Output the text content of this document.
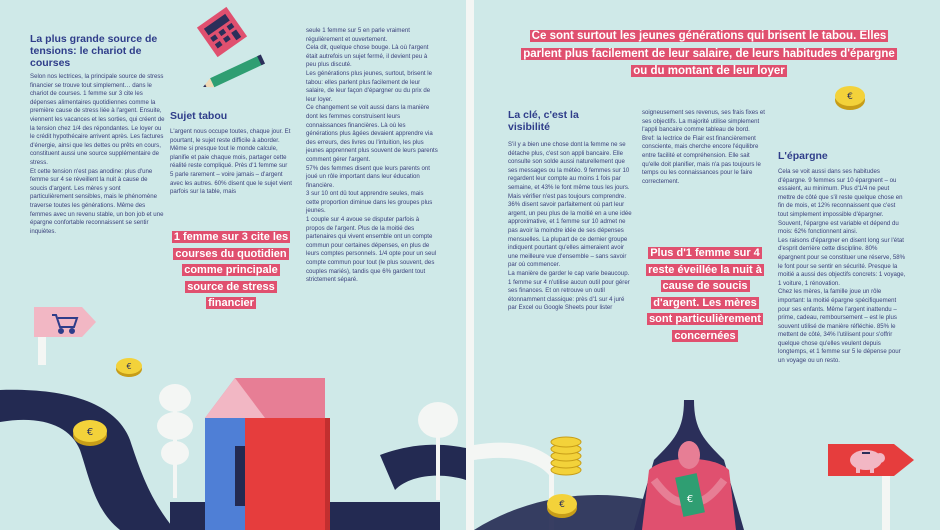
La plus grande source de tensions: le chariot de courses
Selon nos lectrices, la principale source de stress financier se trouve tout simplement… dans le chariot de courses. 1 femme sur 3 cite les dépenses alimentaires quotidiennes comme la première cause de stress liée à l'argent. Ensuite, viennent les vacances et les sorties, qui créent de la tension chez 1/4 des répondantes. Le loyer ou le crédit hypothécaire arrivent après. Les factures d'énergie, ainsi que les dettes ou prêts en cours, constituent aussi une source supplémentaire de stress.
Et cette tension n'est pas anodine: plus d'une femme sur 4 se réveillent la nuit à cause de soucis d'argent. Les mères y sont particulièrement sensibles, mais le phénomène traverse toutes les générations. Même des femmes avec un revenu stable, un bon job et une épargne confortable reconnaissent se sentir inquiètes.
Sujet tabou
L'argent nous occupe toutes, chaque jour. Et pourtant, le sujet reste difficile à aborder. Même si presque tout le monde calcule, planifie et paie chaque mois, partager cette réalité reste compliqué. Près d'1 femme sur 5 parle rarement – voire jamais – d'argent avec les autres. 60% disent que le sujet vient parfois sur la table, mais
1 femme sur 3 cite les courses du quotidien comme principale source de stress financier
seule 1 femme sur 5 en parle vraiment régulièrement et ouvertement.
Cela dit, quelque chose bouge. Là où l'argent était autrefois un sujet fermé, il devient peu à peu plus discuté.
Les générations plus jeunes, surtout, brisent le tabou: elles parlent plus facilement de leur salaire, de leur façon d'épargner ou du prix de leur loyer.
Ce changement se voit aussi dans la manière dont les femmes construisent leurs connaissances financières. Là où les générations plus âgées devaient apprendre via des erreurs, des livres ou l'intuition, les plus jeunes apprennent plus souvent de leurs parents comment gérer l'argent.
57% des femmes disent que leurs parents ont joué un rôle important dans leur éducation financière.
3 sur 10 ont dû tout apprendre seules, mais cette proportion diminue dans les groupes plus jeunes.
1 couple sur 4 avoue se disputer parfois à propos de l'argent. Plus de la moitié des partenaires qui vivent ensemble ont un compte commun pour certaines dépenses, en plus de leurs comptes personnels. 1/4 opte pour un seul compte commun pour tout (le plus souvent, des couples mariés), tandis que 6% gardent tout strictement séparé.
€
€
Ce sont surtout les jeunes générations qui brisent le tabou. Elles parlent plus facilement de leur salaire, de leurs habitudes d'épargne ou du montant de leur loyer
€
La clé, c'est la visibilité
S'il y a bien une chose dont la femme ne se détache plus, c'est son appli bancaire. Elle consulte son solde aussi naturellement que ses messages ou la météo. 9 femmes sur 10 regardent leur compte au moins 1 fois par semaine, et 43% le font même tous les jours.
Mais vérifier n'est pas toujours comprendre. 36% disent savoir parfaitement où part leur argent, un peu plus de la moitié en a une idée approximative, et 1 femme sur 10 admet ne pas avoir la moindre idée de ses dépenses mensuelles. La plupart de ce dernier groupe indiquent pourtant qu'elles aimeraient avoir une meilleure vue d'ensemble – sans savoir par où commencer.
La manière de garder le cap varie beaucoup. 1 femme sur 4 n'utilise aucun outil pour gérer ses finances. Et on retrouve un outil étonnamment classique: près d'1 sur 4 juré par Excel ou Google Sheets pour lister
soigneusement ses revenus, ses frais fixes et ses objectifs. La majorité utilise simplement l'appli bancaire comme tableau de bord.
Bref: la lectrice de Flair est financièrement consciente, mais cherche encore l'équilibre entre facilité et compréhension. Elle sait qu'elle doit planifier, mais n'a pas toujours le temps ou les connaissances pour le faire correctement.
Plus d'1 femme sur 4 reste éveillée la nuit à cause de soucis d'argent. Les mères sont particulièrement concernées
L'épargne
Cela se voit aussi dans ses habitudes d'épargne. 9 femmes sur 10 épargnent – ou essaient, au minimum. Plus d'1/4 ne peut mettre de côté que s'il reste quelque chose en fin de mois, et 12% reconnaissent que c'est tout simplement impossible d'épargner. Souvent, l'épargne est variable et dépend du mois: 62% fonctionnent ainsi.
Les raisons d'épargner en disent long sur l'état d'esprit derrière cette discipline. 80% épargnent pour se constituer une réserve, 58% le font pour se sentir en sécurité. Presque la moitié a aussi des objectifs concrets: 1 voyage, 1 voiture, 1 rénovation.
Chez les mères, la famille joue un rôle important: la moitié épargne spécifiquement pour ses enfants. Même l'argent inattendu – prime, cadeau, remboursement – est le plus souvent utilisé de manière réfléchie. 85% le mettent de côté, 34% l'utilisent pour s'offrir quelque chose qu'elles veulent depuis longtemps, et 1 femme sur 5 le dépense pour un voyage ou un resto.
€	€
